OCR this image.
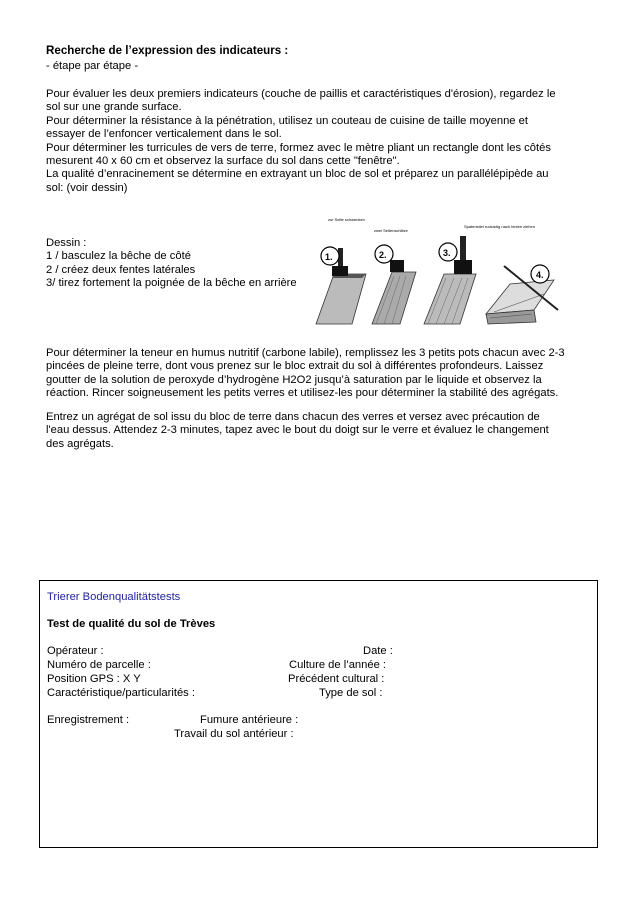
Recherche de l’expression des indicateurs :
- étape par étape -
Pour évaluer les deux premiers indicateurs (couche de paillis et caractéristiques d'érosion), regardez le
sol sur une grande surface.
Pour déterminer la résistance à la pénétration, utilisez un couteau de cuisine de taille moyenne et
essayer de l’enfoncer verticalement dans le sol.
Pour déterminer les turricules de vers de terre, formez avec le mètre pliant un rectangle dont les côtés
mesurent 40 x 60 cm et observez la surface du sol dans cette "fenêtre".
La qualité d’enracinement se détermine en extrayant un bloc de sol et préparez un parallélépipède au
sol: (voir dessin)
Dessin :
1 / basculez la bêche de côté
2 / créez deux fentes latérales
3/ tirez fortement la poignée de la bêche en arrière
zur Seite schwenken
zwei Seitenschlitze
Spatenstiel ruckartig nach hinten ziehen
1.	2.	3.
4.
Pour déterminer la teneur en humus nutritif (carbone labile), remplissez les 3 petits pots chacun avec 2-3
pincées de pleine terre, dont vous prenez sur le bloc extrait du sol à différentes profondeurs. Laissez
goutter de la solution de peroxyde d’hydrogène H2O2 jusqu’à saturation par le liquide et observez la
réaction. Rincer soigneusement les petits verres et utilisez-les pour déterminer la stabilité des agrégats.
Entrez un agrégat de sol issu du bloc de terre dans chacun des verres et versez avec précaution de
l'eau dessus. Attendez 2-3 minutes, tapez avec le bout du doigt sur le verre et évaluez le changement
des agrégats.
Trierer Bodenqualitätstests
Test de qualité du sol de Trèves
Opérateur :	Date :
Numéro de parcelle :	Culture de l’année :
Position GPS : X Y	Précédent cultural :
Caractéristique/particularités :	Type de sol :
Enregistrement :	Fumure antérieure :
Travail du sol antérieur :
